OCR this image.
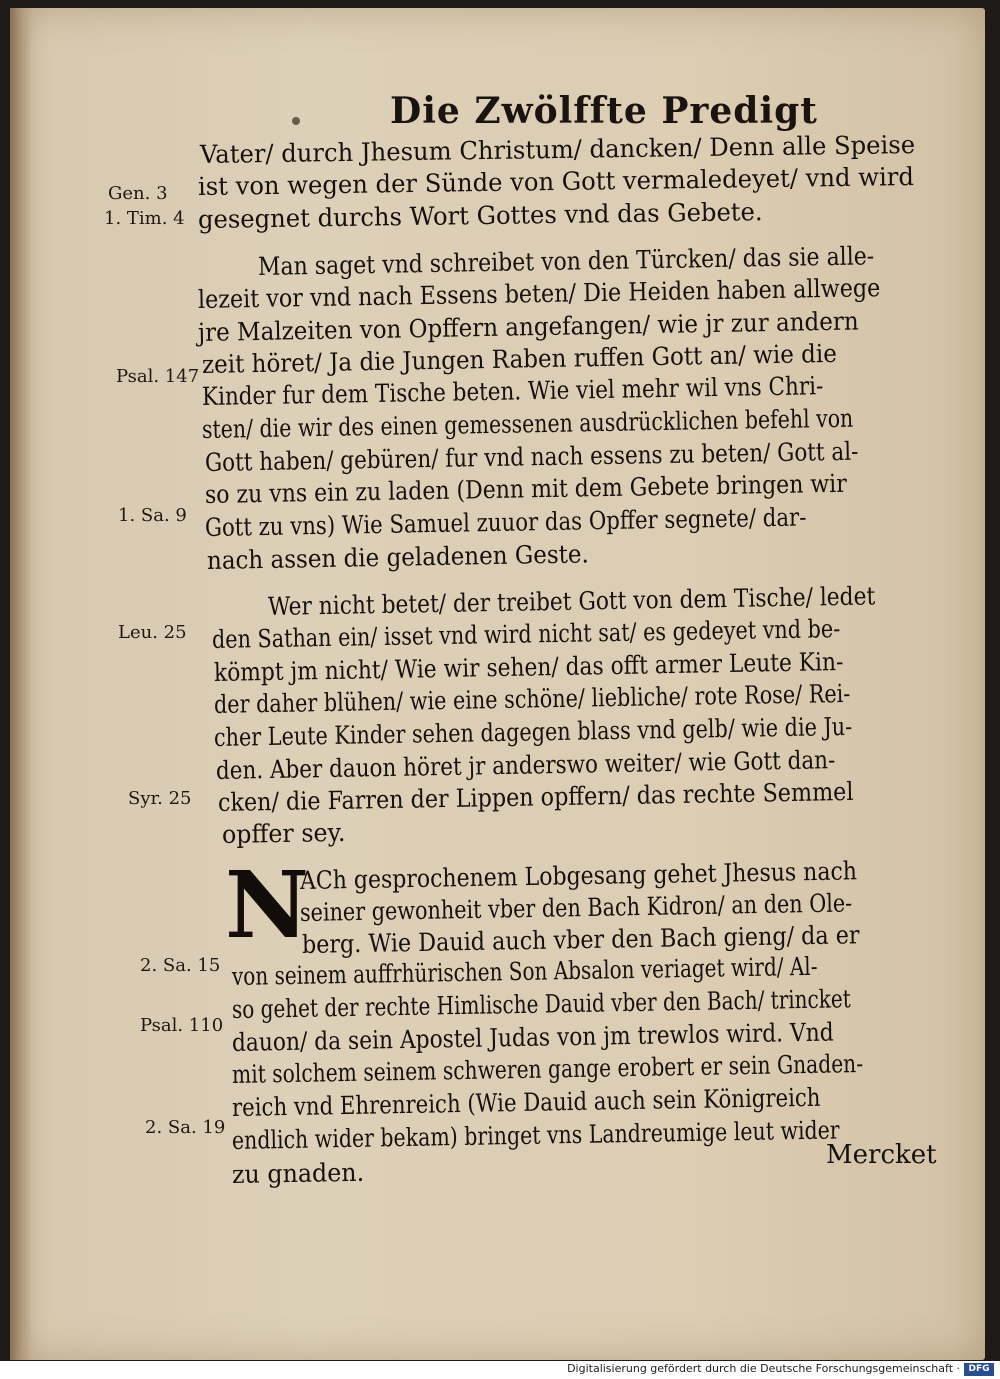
Die Zwölffte Predigt
Gen. 3
1. Tim. 4
Psal. 147
1. Sa. 9
Leu. 25
Syr. 25
2. Sa. 15
Psal. 110
2. Sa. 19
Vater/ durch Jhesum Christum/ dancken/ Denn alle Speise
ist von wegen der Sünde von Gott vermaledeyet/ vnd wird
gesegnet durchs Wort Gottes vnd das Gebete.
Man saget vnd schreibet von den Türcken/ das sie alle-
lezeit vor vnd nach Essens beten/ Die Heiden haben allwege
jre Malzeiten von Opffern angefangen/ wie jr zur andern
zeit höret/ Ja die Jungen Raben ruffen Gott an/ wie die
Kinder fur dem Tische beten. Wie viel mehr wil vns Chri-
sten/ die wir des einen gemessenen ausdrücklichen befehl von
Gott haben/ gebüren/ fur vnd nach essens zu beten/ Gott al-
so zu vns ein zu laden (Denn mit dem Gebete bringen wir
Gott zu vns) Wie Samuel zuuor das Opffer segnete/ dar-
nach assen die geladenen Geste.
Wer nicht betet/ der treibet Gott von dem Tische/ ledet
den Sathan ein/ isset vnd wird nicht sat/ es gedeyet vnd be-
kömpt jm nicht/ Wie wir sehen/ das offt armer Leute Kin-
der daher blühen/ wie eine schöne/ liebliche/ rote Rose/ Rei-
cher Leute Kinder sehen dagegen blass vnd gelb/ wie die Ju-
den. Aber dauon höret jr anderswo weiter/ wie Gott dan-
cken/ die Farren der Lippen opffern/ das rechte Semmel
opffer sey.
N
ACh gesprochenem Lobgesang gehet Jhesus nach
seiner gewonheit vber den Bach Kidron/ an den Ole-
berg. Wie Dauid auch vber den Bach gieng/ da er
von seinem auffrhürischen Son Absalon veriaget wird/ Al-
so gehet der rechte Himlische Dauid vber den Bach/ trincket
dauon/ da sein Apostel Judas von jm trewlos wird. Vnd
mit solchem seinem schweren gange erobert er sein Gnaden-
reich vnd Ehrenreich (Wie Dauid auch sein Königreich
endlich wider bekam) bringet vns Landreumige leut wider
zu gnaden.
Mercket
Digitalisierung gefördert durch die Deutsche Forschungsgemeinschaft · DFG
